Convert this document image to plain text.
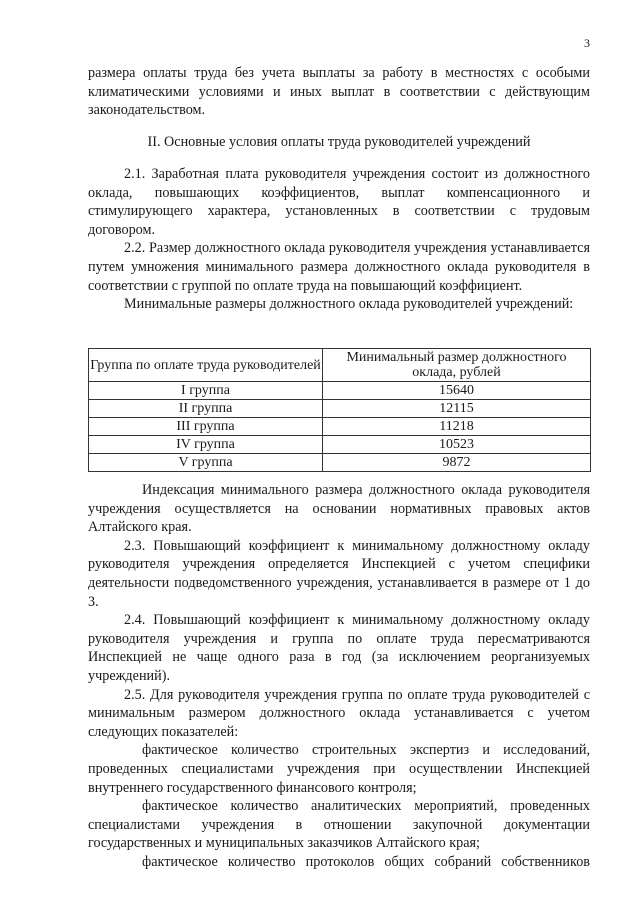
3

размера оплаты труда без учета выплаты за работу в местностях с особыми климатическими условиями и иных выплат в соответствии с действующим законодательством.

II. Основные условия оплаты труда руководителей учреждений

2.1. Заработная плата руководителя учреждения состоит из должностного оклада, повышающих коэффициентов, выплат компенсационного и стимулирующего характера, установленных в соответствии с трудовым договором.

2.2. Размер должностного оклада руководителя учреждения устанавливается путем умножения минимального размера должностного оклада руководителя в соответствии с группой по оплате труда на повышающий коэффициент.

Минимальные размеры должностного оклада руководителей учреждений:

Группа по оплате труда руководителей	Минимальный размер должностного оклада, рублей
I группа	15640
II группа	12115
III группа	11218
IV группа	10523
V группа	9872

Индексация минимального размера должностного оклада руководителя учреждения осуществляется на основании нормативных правовых актов Алтайского края.

2.3. Повышающий коэффициент к минимальному должностному окладу руководителя учреждения определяется Инспекцией с учетом специфики деятельности подведомственного учреждения, устанавливается в размере от 1 до 3.

2.4. Повышающий коэффициент к минимальному должностному окладу руководителя учреждения и группа по оплате труда пересматриваются Инспекцией не чаще одного раза в год (за исключением реорганизуемых учреждений).

2.5. Для руководителя учреждения группа по оплате труда руководителей с минимальным размером должностного оклада устанавливается с учетом следующих показателей:

фактическое количество строительных экспертиз и исследований, проведенных специалистами учреждения при осуществлении Инспекцией внутреннего государственного финансового контроля;

фактическое количество аналитических мероприятий, проведенных специалистами учреждения в отношении закупочной документации государственных и муниципальных заказчиков Алтайского края;

фактическое количество протоколов общих собраний собственников
